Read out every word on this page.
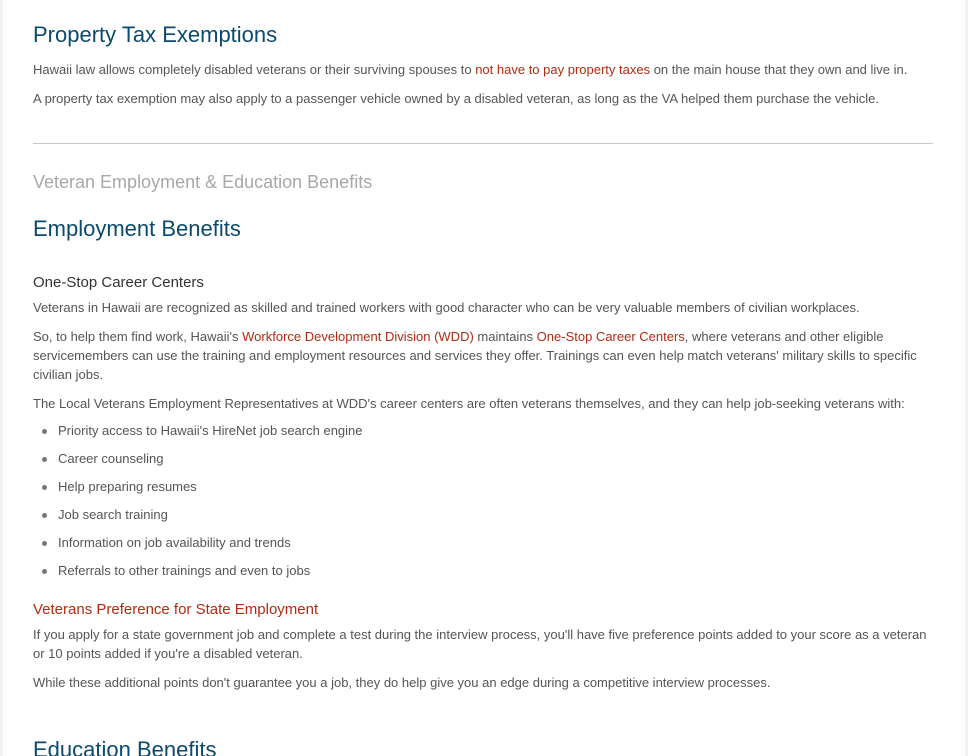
Property Tax Exemptions

Hawaii law allows completely disabled veterans or their surviving spouses to not have to pay property taxes on the main house that they own and live in.

A property tax exemption may also apply to a passenger vehicle owned by a disabled veteran, as long as the VA helped them purchase the vehicle.

Veteran Employment & Education Benefits

Employment Benefits
One-Stop Career Centers

Veterans in Hawaii are recognized as skilled and trained workers with good character who can be very valuable members of civilian workplaces.

So, to help them find work, Hawaii's Workforce Development Division (WDD) maintains One-Stop Career Centers, where veterans and other eligible servicemembers can use the training and employment resources and services they offer. Trainings can even help match veterans' military skills to specific civilian jobs.

The Local Veterans Employment Representatives at WDD's career centers are often veterans themselves, and they can help job-seeking veterans with:

Priority access to Hawaii's HireNet job search engine
Career counseling
Help preparing resumes
Job search training
Information on job availability and trends
Referrals to other trainings and even to jobs
Veterans Preference for State Employment

If you apply for a state government job and complete a test during the interview process, you'll have five preference points added to your score as a veteran or 10 points added if you're a disabled veteran.

While these additional points don't guarantee you a job, they do help give you an edge during a competitive interview processes.

Education Benefits
